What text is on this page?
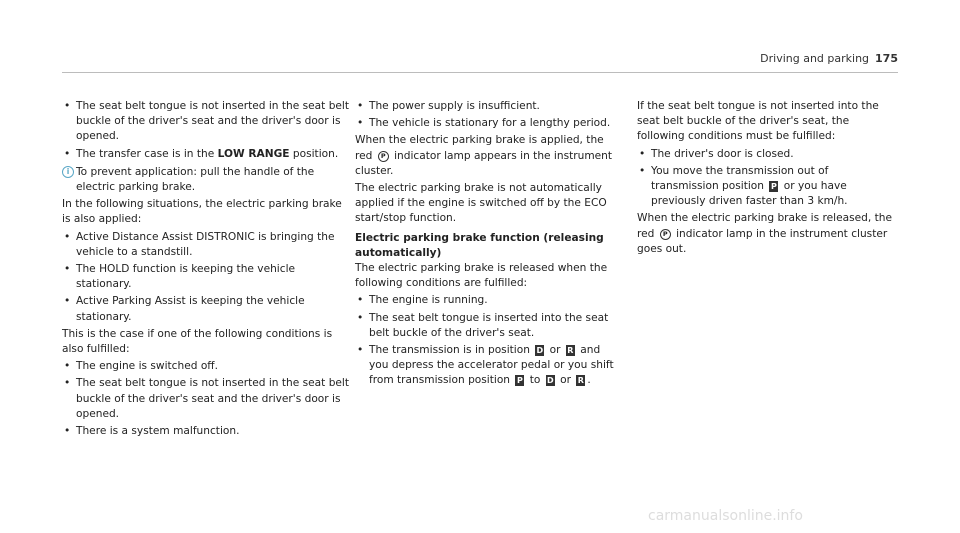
Driving and parking 175
• The seat belt tongue is not inserted in the seat belt buckle of the driver's seat and the driver's door is opened.
• The transfer case is in the LOW RANGE position.
i To prevent application: pull the handle of the electric parking brake.
In the following situations, the electric parking brake is also applied:
• Active Distance Assist DISTRONIC is bringing the vehicle to a standstill.
• The HOLD function is keeping the vehicle stationary.
• Active Parking Assist is keeping the vehicle stationary.
This is the case if one of the following conditions is also fulfilled:
• The engine is switched off.
• The seat belt tongue is not inserted in the seat belt buckle of the driver's seat and the driver's door is opened.
• There is a system malfunction.
• The power supply is insufficient.
• The vehicle is stationary for a lengthy period.
When the electric parking brake is applied, the red P indicator lamp appears in the instrument cluster.
The electric parking brake is not automatically applied if the engine is switched off by the ECO start/stop function.
Electric parking brake function (releasing automatically)
The electric parking brake is released when the following conditions are fulfilled:
• The engine is running.
• The seat belt tongue is inserted into the seat belt buckle of the driver's seat.
• The transmission is in position D or R and you depress the accelerator pedal or you shift from transmission position P to D or R .
If the seat belt tongue is not inserted into the seat belt buckle of the driver's seat, the following conditions must be fulfilled:
• The driver's door is closed.
• You move the transmission out of transmission position P or you have previously driven faster than 3 km/h.
When the electric parking brake is released, the red P indicator lamp in the instrument cluster goes out.
carmanualsonline.info
